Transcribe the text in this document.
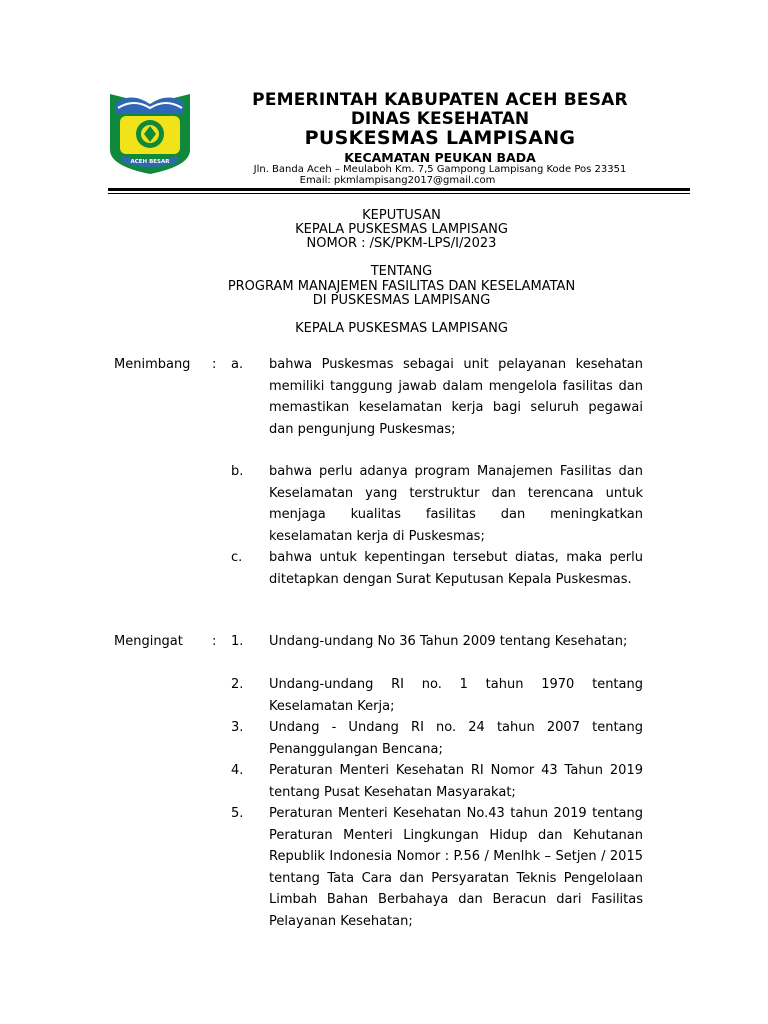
ACEH BESAR
PEMERINTAH KABUPATEN ACEH BESAR
DINAS KESEHATAN
PUSKESMAS LAMPISANG
KECAMATAN PEUKAN BADA
Jln. Banda Aceh – Meulaboh Km. 7,5 Gampong Lampisang Kode Pos 23351
Email: pkmlampisang2017@gmail.com
KEPUTUSAN
KEPALA PUSKESMAS LAMPISANG
NOMOR : /SK/PKM-LPS/I/2023
TENTANG
PROGRAM MANAJEMEN FASILITAS DAN KESELAMATAN
DI PUSKESMAS LAMPISANG
KEPALA PUSKESMAS LAMPISANG
Menimbang	: a. bahwa Puskesmas sebagai unit pelayanan kesehatan memiliki tanggung jawab dalam mengelola fasilitas dan memastikan keselamatan kerja bagi seluruh pegawai dan pengunjung Puskesmas;
b. bahwa perlu adanya program Manajemen Fasilitas dan Keselamatan yang terstruktur dan terencana untuk menjaga kualitas fasilitas dan meningkatkan keselamatan kerja di Puskesmas;
c. bahwa untuk kepentingan tersebut diatas, maka perlu ditetapkan dengan Surat Keputusan Kepala Puskesmas.
Mengingat : 1. Undang-undang No 36 Tahun 2009 tentang Kesehatan;
2. Undang-undang RI no. 1 tahun 1970 tentang Keselamatan Kerja;
3. Undang - Undang RI no. 24 tahun 2007 tentang Penanggulangan Bencana;
4. Peraturan Menteri Kesehatan RI Nomor 43 Tahun 2019 tentang Pusat Kesehatan Masyarakat;
5. Peraturan Menteri Kesehatan No.43 tahun 2019 tentang Peraturan Menteri Lingkungan Hidup dan Kehutanan Republik Indonesia Nomor : P.56 / Menlhk – Setjen / 2015 tentang Tata Cara dan Persyaratan Teknis Pengelolaan Limbah Bahan Berbahaya dan Beracun dari Fasilitas Pelayanan Kesehatan;
